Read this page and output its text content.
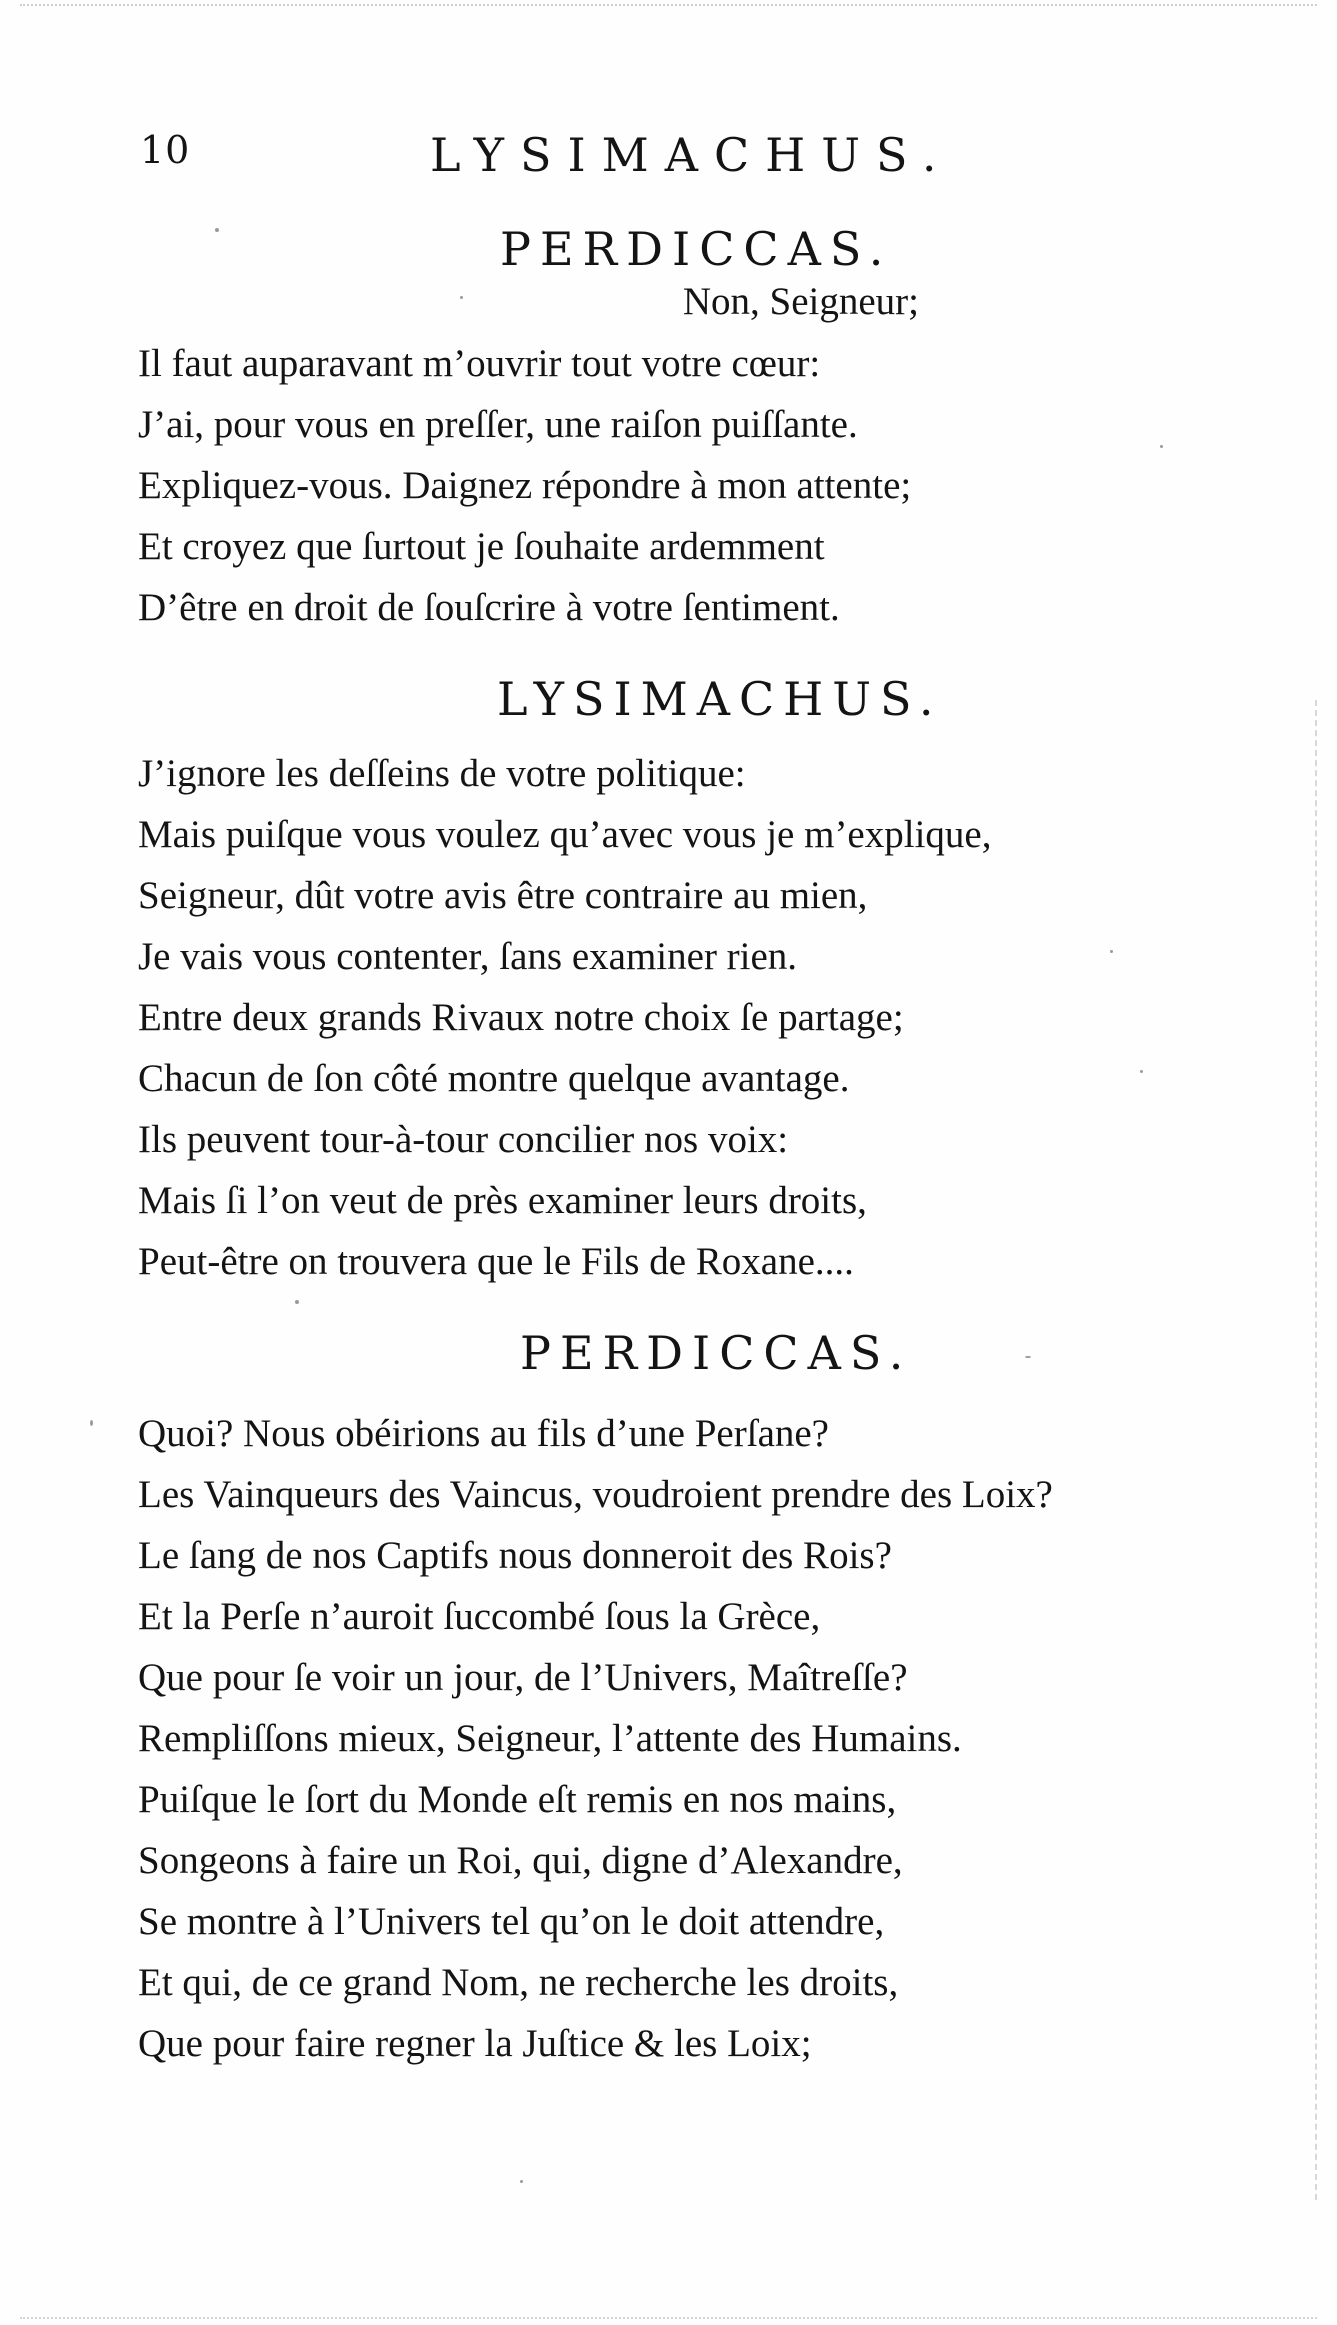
10	LYSIMACHUS.
PERDICCAS.
Non, Seigneur;
Il faut auparavant m’ouvrir tout votre cœur:
J’ai, pour vous en preſſer, une raiſon puiſſante.
Expliquez-vous. Daignez répondre à mon attente;
Et croyez que ſurtout je ſouhaite ardemment
D’être en droit de ſouſcrire à votre ſentiment.
LYSIMACHUS.
J’ignore les deſſeins de votre politique:
Mais puiſque vous voulez qu’avec vous je m’explique,
Seigneur, dût votre avis être contraire au mien,
Je vais vous contenter, ſans examiner rien.
Entre deux grands Rivaux notre choix ſe partage;
Chacun de ſon côté montre quelque avantage.
Ils peuvent tour-à-tour concilier nos voix:
Mais ſi l’on veut de près examiner leurs droits,
Peut-être on trouvera que le Fils de Roxane....
PERDICCAS.
Quoi? Nous obéirions au fils d’une Perſane?
Les Vainqueurs des Vaincus, voudroient prendre des Loix?
Le ſang de nos Captifs nous donneroit des Rois?
Et la Perſe n’auroit ſuccombé ſous la Grèce,
Que pour ſe voir un jour, de l’Univers, Maîtreſſe?
Rempliſſons mieux, Seigneur, l’attente des Humains.
Puiſque le ſort du Monde eſt remis en nos mains,
Songeons à faire un Roi, qui, digne d’Alexandre,
Se montre à l’Univers tel qu’on le doit attendre,
Et qui, de ce grand Nom, ne recherche les droits,
Que pour faire regner la Juſtice & les Loix;
